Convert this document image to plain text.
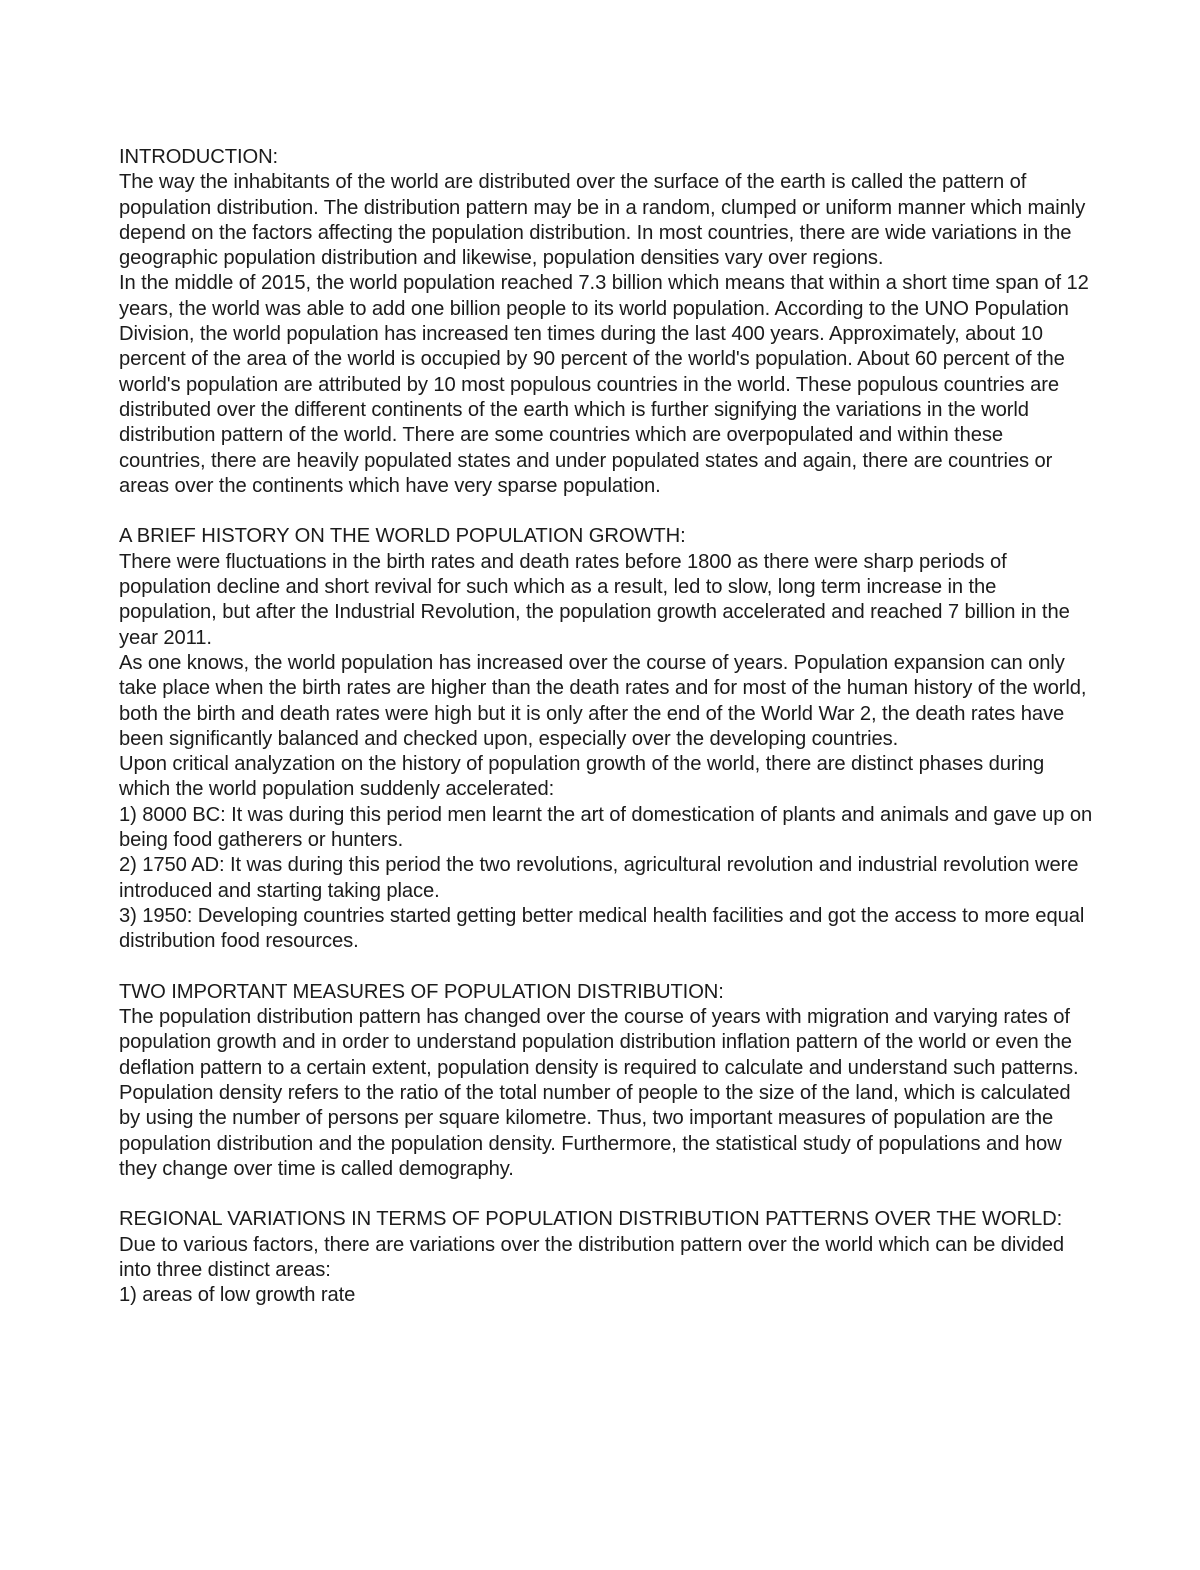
INTRODUCTION:

The way the inhabitants of the world are distributed over the surface of the earth is called the pattern of population distribution. The distribution pattern may be in a random, clumped or uniform manner which mainly depend on the factors affecting the population distribution. In most countries, there are wide variations in the geographic population distribution and likewise, population densities vary over regions.

In the middle of 2015, the world population reached 7.3 billion which means that within a short time span of 12 years, the world was able to add one billion people to its world population. According to the UNO Population Division, the world population has increased ten times during the last 400 years. Approximately, about 10 percent of the area of the world is occupied by 90 percent of the world's population. About 60 percent of the world's population are attributed by 10 most populous countries in the world. These populous countries are distributed over the different continents of the earth which is further signifying the variations in the world distribution pattern of the world. There are some countries which are overpopulated and within these countries, there are heavily populated states and under populated states and again, there are countries or areas over the continents which have very sparse population.

A BRIEF HISTORY ON THE WORLD POPULATION GROWTH:

There were fluctuations in the birth rates and death rates before 1800 as there were sharp periods of population decline and short revival for such which as a result, led to slow, long term increase in the population, but after the Industrial Revolution, the population growth accelerated and reached 7 billion in the year 2011.

As one knows, the world population has increased over the course of years. Population expansion can only take place when the birth rates are higher than the death rates and for most of the human history of the world, both the birth and death rates were high but it is only after the end of the World War 2, the death rates have been significantly balanced and checked upon, especially over the developing countries.

Upon critical analyzation on the history of population growth of the world, there are distinct phases during which the world population suddenly accelerated:

1) 8000 BC: It was during this period men learnt the art of domestication of plants and animals and gave up on being food gatherers or hunters.

2) 1750 AD: It was during this period the two revolutions, agricultural revolution and industrial revolution were introduced and starting taking place.

3) 1950: Developing countries started getting better medical health facilities and got the access to more equal distribution food resources.

TWO IMPORTANT MEASURES OF POPULATION DISTRIBUTION:

The population distribution pattern has changed over the course of years with migration and varying rates of population growth and in order to understand population distribution inflation pattern of the world or even the deflation pattern to a certain extent, population density is required to calculate and understand such patterns. Population density refers to the ratio of the total number of people to the size of the land, which is calculated by using the number of persons per square kilometre. Thus, two important measures of population are the population distribution and the population density. Furthermore, the statistical study of populations and how they change over time is called demography.

REGIONAL VARIATIONS IN TERMS OF POPULATION DISTRIBUTION PATTERNS OVER THE WORLD:

Due to various factors, there are variations over the distribution pattern over the world which can be divided into three distinct areas:

1) areas of low growth rate
